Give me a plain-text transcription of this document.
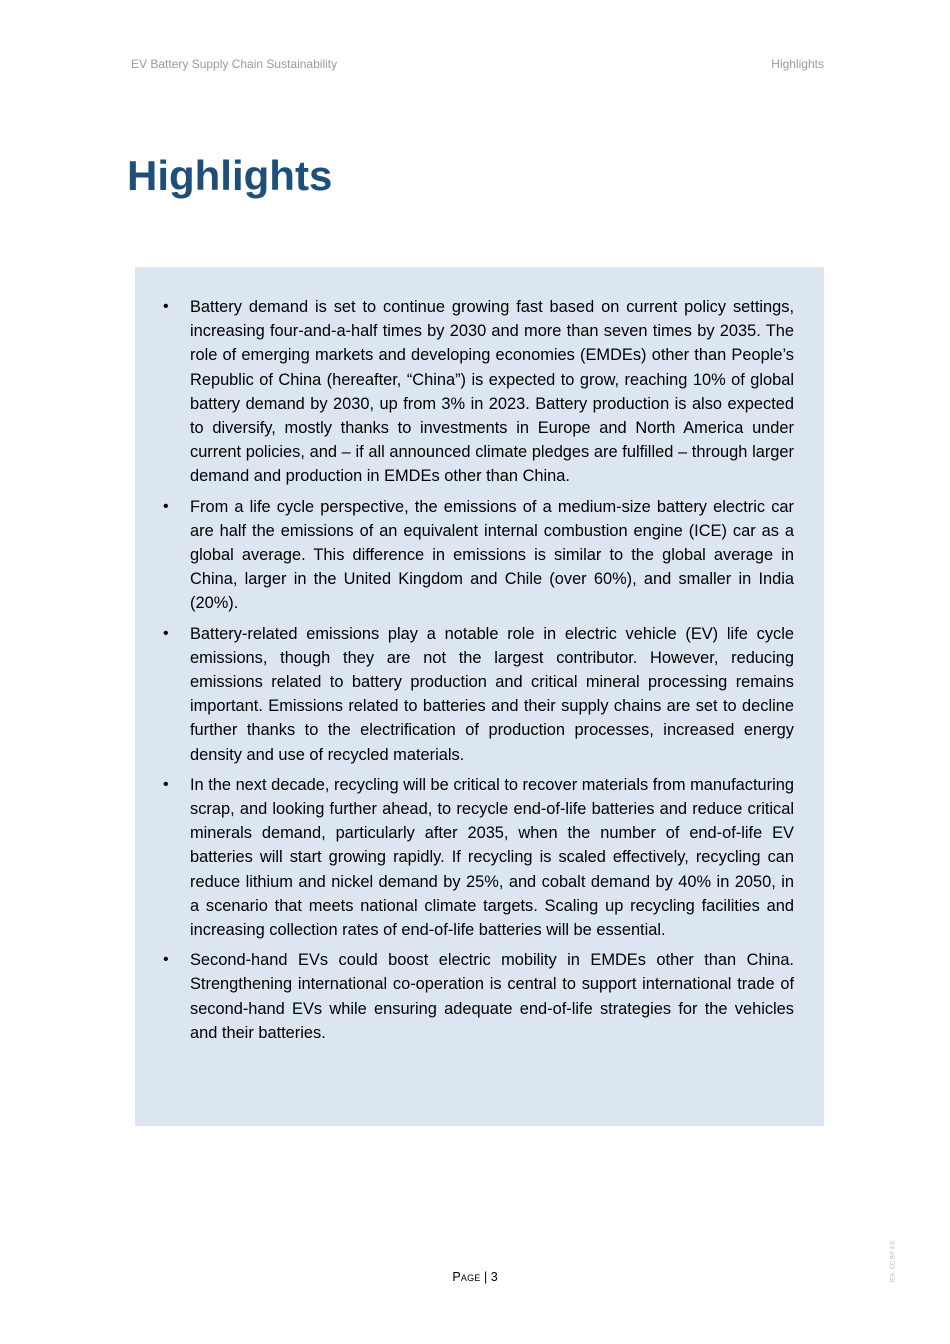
EV Battery Supply Chain Sustainability	Highlights
Highlights
• Battery demand is set to continue growing fast based on current policy settings, increasing four-and-a-half times by 2030 and more than seven times by 2035. The role of emerging markets and developing economies (EMDEs) other than People’s Republic of China (hereafter, “China”) is expected to grow, reaching 10% of global battery demand by 2030, up from 3% in 2023. Battery production is also expected to diversify, mostly thanks to investments in Europe and North America under current policies, and – if all announced climate pledges are fulfilled – through larger demand and production in EMDEs other than China.
• From a life cycle perspective, the emissions of a medium-size battery electric car are half the emissions of an equivalent internal combustion engine (ICE) car as a global average. This difference in emissions is similar to the global average in China, larger in the United Kingdom and Chile (over 60%), and smaller in India (20%).
• Battery-related emissions play a notable role in electric vehicle (EV) life cycle emissions, though they are not the largest contributor. However, reducing emissions related to battery production and critical mineral processing remains important. Emissions related to batteries and their supply chains are set to decline further thanks to the electrification of production processes, increased energy density and use of recycled materials.
• In the next decade, recycling will be critical to recover materials from manufacturing scrap, and looking further ahead, to recycle end-of-life batteries and reduce critical minerals demand, particularly after 2035, when the number of end-of-life EV batteries will start growing rapidly. If recycling is scaled effectively, recycling can reduce lithium and nickel demand by 25%, and cobalt demand by 40% in 2050, in a scenario that meets national climate targets. Scaling up recycling facilities and increasing collection rates of end-of-life batteries will be essential.
• Second-hand EVs could boost electric mobility in EMDEs other than China. Strengthening international co-operation is central to support international trade of second-hand EVs while ensuring adequate end-of-life strategies for the vehicles and their batteries.
Page | 3	IEA. CC BY 4.0.
